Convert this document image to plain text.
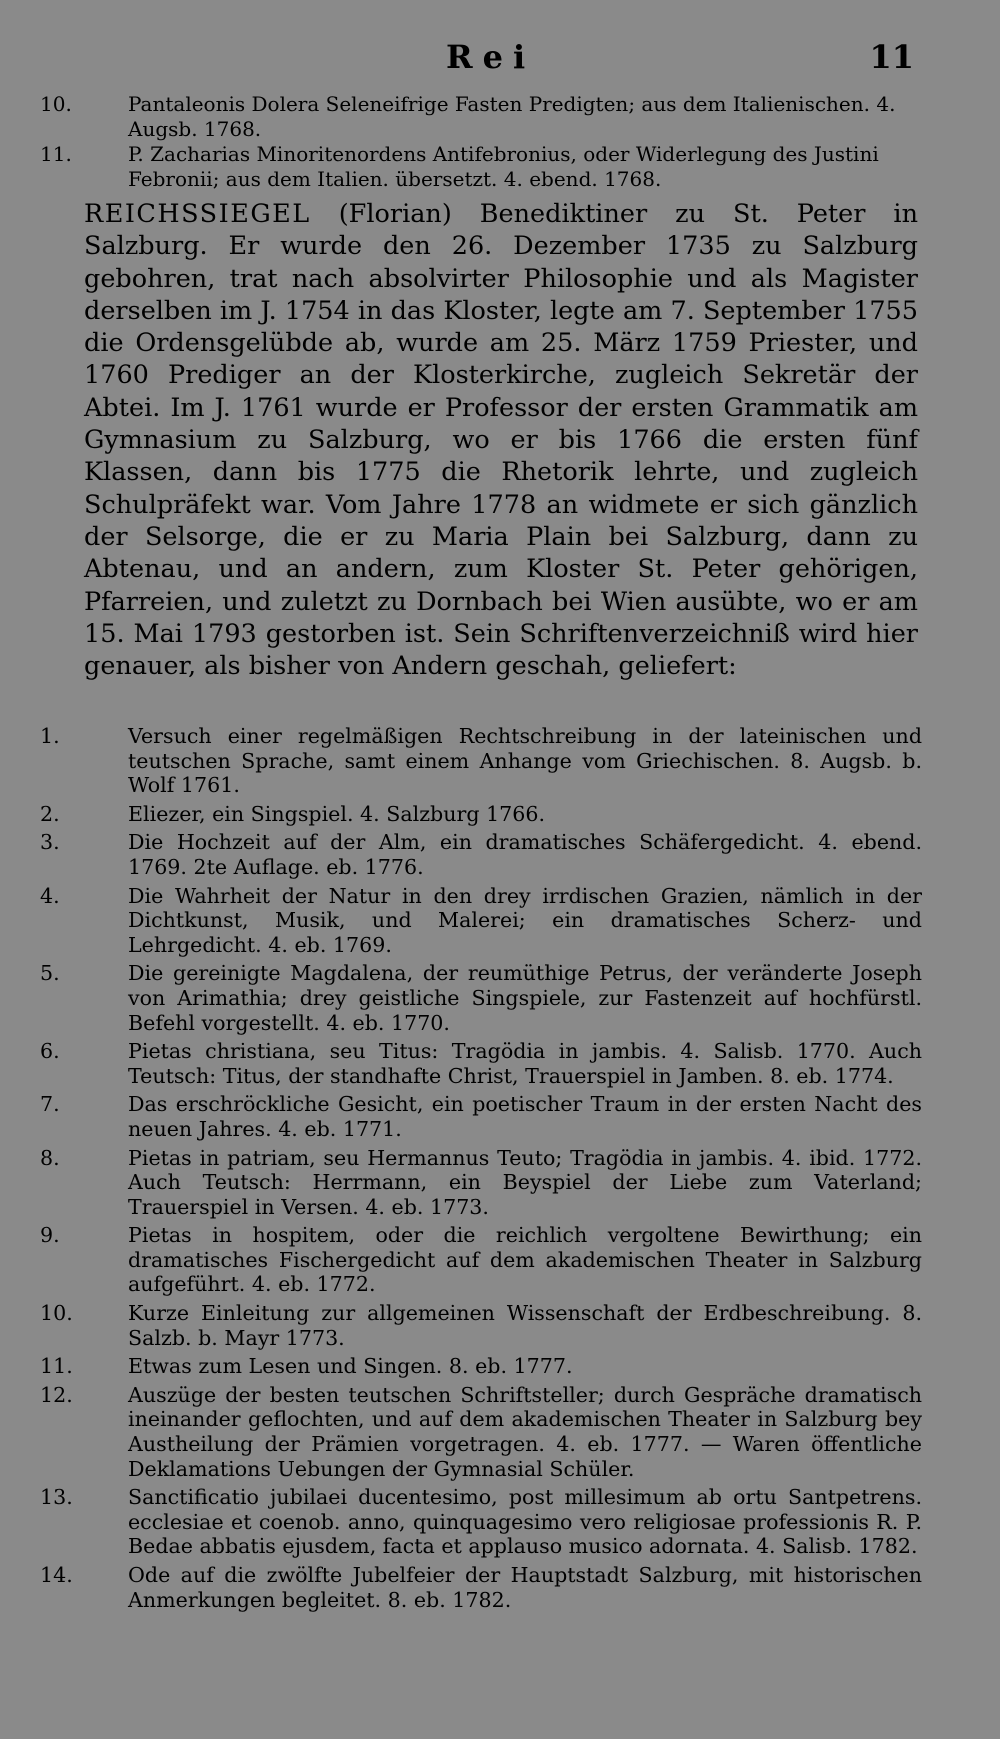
Rei	11
10.	Pantaleonis Dolera Seleneifrige Fasten Predigten; aus dem Italienischen. 4. Augsb. 1768.
11.	P. Zacharias Minoritenordens Antifebronius, oder Widerlegung des Justini Febronii; aus dem Italien. übersetzt. 4. ebend. 1768.
REICHSSIEGEL (Florian) Benediktiner zu St. Peter in Salzburg. Er wurde den 26. Dezember 1735 zu Salzburg gebohren, trat nach absolvirter Philosophie und als Magister derselben im J. 1754 in das Kloster, legte am 7. September 1755 die Ordensgelübde ab, wurde am 25. März 1759 Priester, und 1760 Prediger an der Klosterkirche, zugleich Sekretär der Abtei. Im J. 1761 wurde er Professor der ersten Grammatik am Gymnasium zu Salzburg, wo er bis 1766 die ersten fünf Klassen, dann bis 1775 die Rhetorik lehrte, und zugleich Schulpräfekt war. Vom Jahre 1778 an widmete er sich gänzlich der Selsorge, die er zu Maria Plain bei Salzburg, dann zu Abtenau, und an andern, zum Kloster St. Peter gehörigen, Pfarreien, und zuletzt zu Dornbach bei Wien ausübte, wo er am 15. Mai 1793 gestorben ist. Sein Schriftenverzeichniß wird hier genauer, als bisher von Andern geschah, geliefert:
1.	Versuch einer regelmäßigen Rechtschreibung in der lateinischen und teutschen Sprache, samt einem Anhange vom Griechischen. 8. Augsb. b. Wolf 1761.
2.	Eliezer, ein Singspiel. 4. Salzburg 1766.
3.	Die Hochzeit auf der Alm, ein dramatisches Schäfergedicht. 4. ebend. 1769. 2te Auflage. eb. 1776.
4.	Die Wahrheit der Natur in den drey irrdischen Grazien, nämlich in der Dichtkunst, Musik, und Malerei; ein dramatisches Scherz- und Lehrgedicht. 4. eb. 1769.
5.	Die gereinigte Magdalena, der reumüthige Petrus, der veränderte Joseph von Arimathia; drey geistliche Singspiele, zur Fastenzeit auf hochfürstl. Befehl vorgestellt. 4. eb. 1770.
6.	Pietas christiana, seu Titus: Tragödia in jambis. 4. Salisb. 1770. Auch Teutsch: Titus, der standhafte Christ, Trauerspiel in Jamben. 8. eb. 1774.
7.	Das erschröckliche Gesicht, ein poetischer Traum in der ersten Nacht des neuen Jahres. 4. eb. 1771.
8.	Pietas in patriam, seu Hermannus Teuto; Tragödia in jambis. 4. ibid. 1772. Auch Teutsch: Herrmann, ein Beyspiel der Liebe zum Vaterland; Trauerspiel in Versen. 4. eb. 1773.
9.	Pietas in hospitem, oder die reichlich vergoltene Bewirthung; ein dramatisches Fischergedicht auf dem akademischen Theater in Salzburg aufgeführt. 4. eb. 1772.
10.	Kurze Einleitung zur allgemeinen Wissenschaft der Erdbeschreibung. 8. Salzb. b. Mayr 1773.
11.	Etwas zum Lesen und Singen. 8. eb. 1777.
12.	Auszüge der besten teutschen Schriftsteller; durch Gespräche dramatisch ineinander geflochten, und auf dem akademischen Theater in Salzburg bey Austheilung der Prämien vorgetragen. 4. eb. 1777. — Waren öffentliche Deklamations Uebungen der Gymnasial Schüler.
13.	Sanctificatio jubilaei ducentesimo, post millesimum ab ortu Santpetrens. ecclesiae et coenob. anno, quinquagesimo vero religiosae professionis R. P. Bedae abbatis ejusdem, facta et applauso musico adornata. 4. Salisb. 1782.
14.	Ode auf die zwölfte Jubelfeier der Hauptstadt Salzburg, mit historischen Anmerkungen begleitet. 8. eb. 1782.
